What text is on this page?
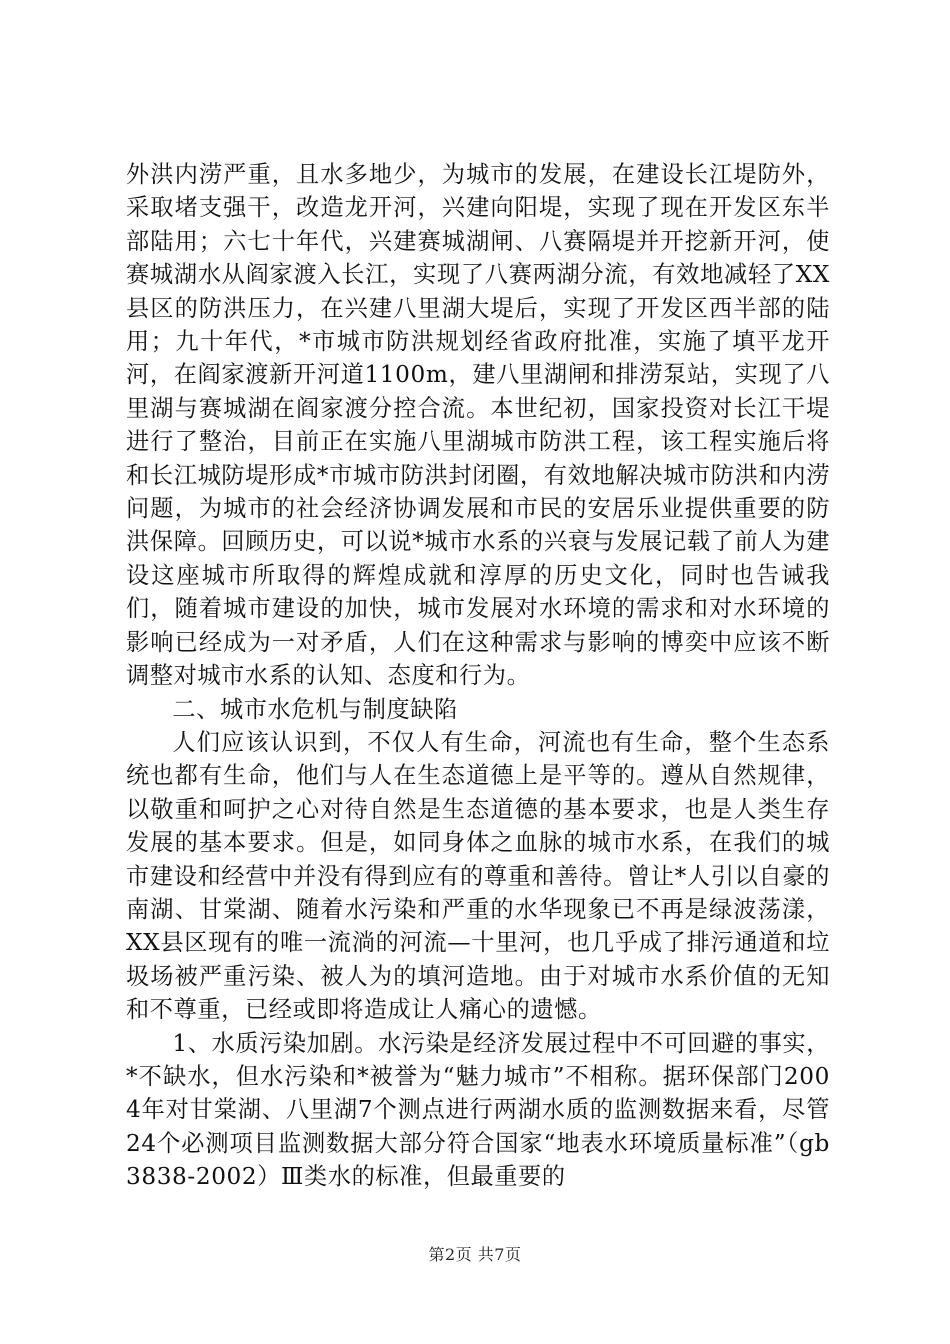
外洪内涝严重，且水多地少，为城市的发展，在建设长江堤防外，采取堵支强干，改造龙开河，兴建向阳堤，实现了现在开发区东半部陆用；六七十年代，兴建赛城湖闸、八赛隔堤并开挖新开河，使赛城湖水从阎家渡入长江，实现了八赛两湖分流，有效地减轻了XX县区的防洪压力，在兴建八里湖大堤后，实现了开发区西半部的陆用；九十年代，*市城市防洪规划经省政府批准，实施了填平龙开河，在阎家渡新开河道1100m，建八里湖闸和排涝泵站，实现了八里湖与赛城湖在阎家渡分控合流。本世纪初，国家投资对长江干堤进行了整治，目前正在实施八里湖城市防洪工程，该工程实施后将和长江城防堤形成*市城市防洪封闭圈，有效地解决城市防洪和内涝问题，为城市的社会经济协调发展和市民的安居乐业提供重要的防洪保障。回顾历史，可以说*城市水系的兴衰与发展记载了前人为建设这座城市所取得的辉煌成就和淳厚的历史文化，同时也告诫我们，随着城市建设的加快，城市发展对水环境的需求和对水环境的影响已经成为一对矛盾，人们在这种需求与影响的博奕中应该不断调整对城市水系的认知、态度和行为。

二、城市水危机与制度缺陷

人们应该认识到，不仅人有生命，河流也有生命，整个生态系统也都有生命，他们与人在生态道德上是平等的。遵从自然规律，以敬重和呵护之心对待自然是生态道德的基本要求，也是人类生存发展的基本要求。但是，如同身体之血脉的城市水系，在我们的城市建设和经营中并没有得到应有的尊重和善待。曾让*人引以自豪的南湖、甘棠湖、随着水污染和严重的水华现象已不再是绿波荡漾，XX县区现有的唯一流淌的河流—十里河，也几乎成了排污通道和垃圾场被严重污染、被人为的填河造地。由于对城市水系价值的无知和不尊重，已经或即将造成让人痛心的遗憾。

1、水质污染加剧。水污染是经济发展过程中不可回避的事实，*不缺水，但水污染和*被誉为“魅力城市”不相称。据环保部门2004年对甘棠湖、八里湖7个测点进行两湖水质的监测数据来看，尽管24个必测项目监测数据大部分符合国家“地表水环境质量标准”（gb3838-2002）Ⅲ类水的标准，但最重要的

第2页 共7页
